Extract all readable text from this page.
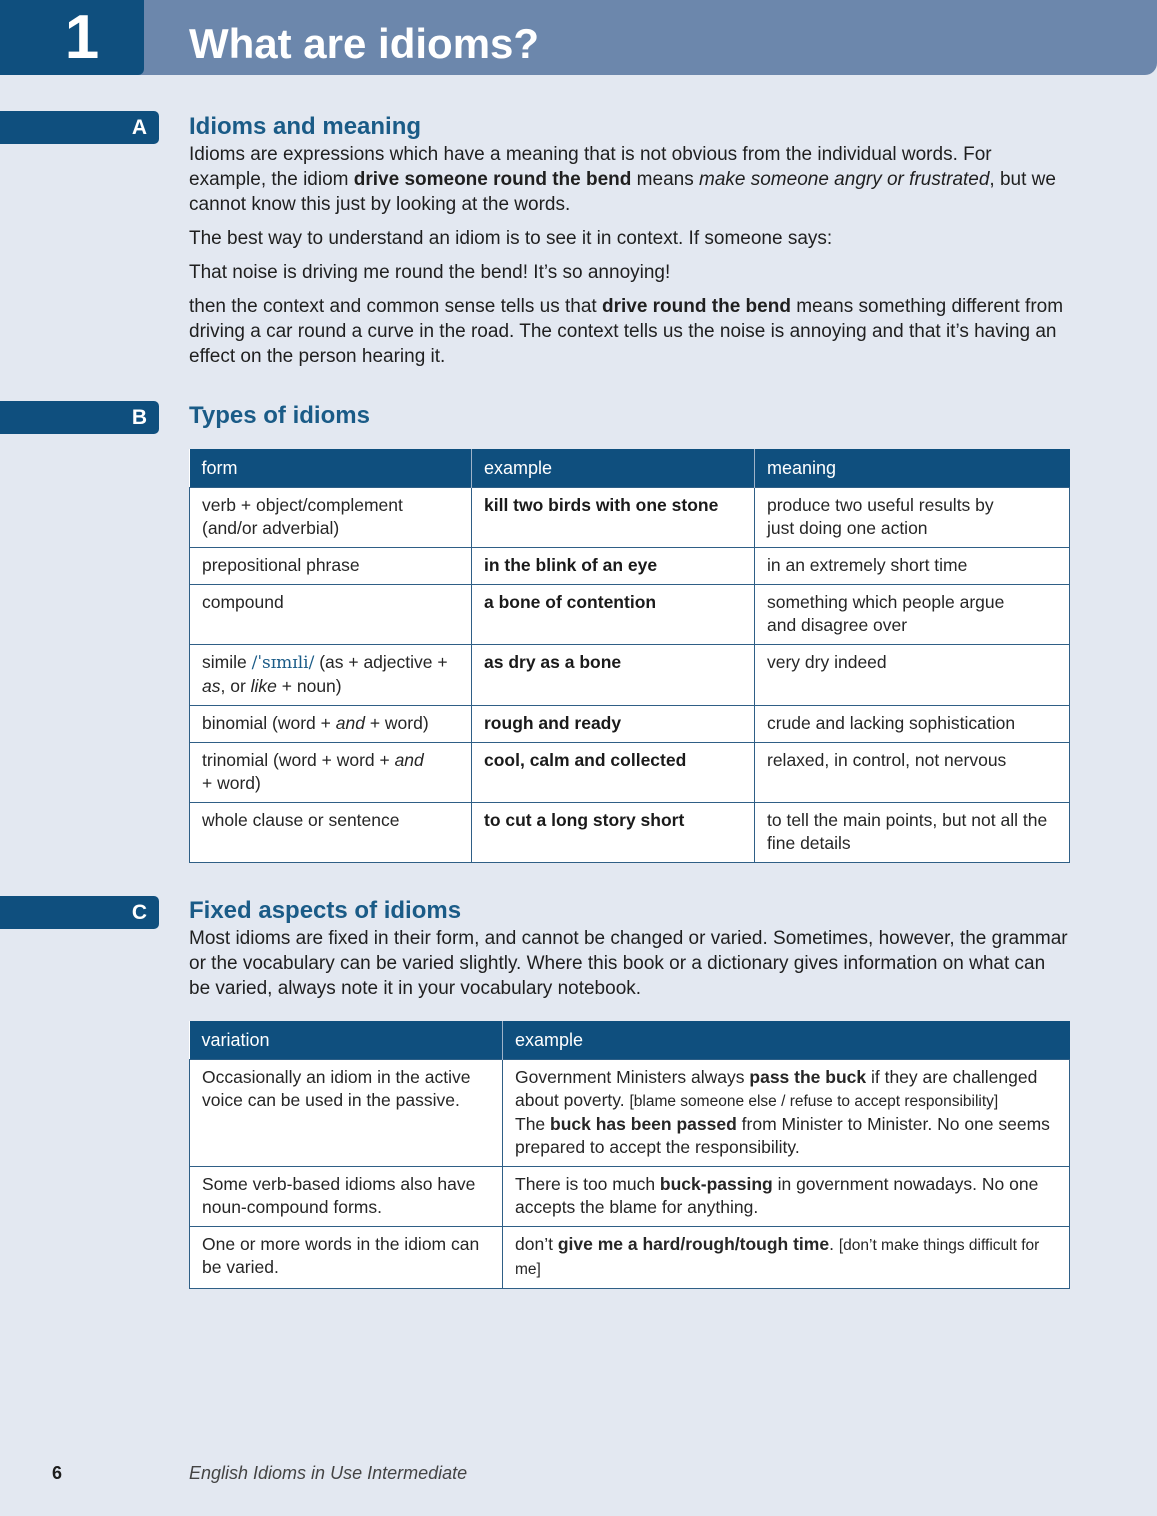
1	What are idioms?
A	Idioms and meaning

Idioms are expressions which have a meaning that is not obvious from the individual words. For example, the idiom drive someone round the bend means make someone angry or frustrated, but we cannot know this just by looking at the words.

The best way to understand an idiom is to see it in context. If someone says:

That noise is driving me round the bend! It’s so annoying!

then the context and common sense tells us that drive round the bend means something different from driving a car round a curve in the road. The context tells us the noise is annoying and that it’s having an effect on the person hearing it.

B	Types of idioms
form	example	meaning
verb + object/complement (and/or adverbial)	kill two birds with one stone	produce two useful results by
just doing one action
prepositional phrase	in the blink of an eye	in an extremely short time
compound	a bone of contention	something which people argue
and disagree over
simile /ˈsɪmɪli/ (as + adjective + as, or like + noun)	as dry as a bone	very dry indeed
binomial (word + and + word)	rough and ready	crude and lacking sophistication
trinomial (word + word + and
+ word)	cool, calm and collected	relaxed, in control, not nervous
whole clause or sentence	to cut a long story short	to tell the main points, but not all the fine details
C	Fixed aspects of idioms

Most idioms are fixed in their form, and cannot be changed or varied. Sometimes, however, the grammar or the vocabulary can be varied slightly. Where this book or a dictionary gives information on what can be varied, always note it in your vocabulary notebook.

variation	example
Occasionally an idiom in the active voice can be used in the passive.	Government Ministers always pass the buck if they are challenged about poverty. [blame someone else / refuse to accept responsibility]
The buck has been passed from Minister to Minister. No one seems prepared to accept the responsibility.
Some verb-based idioms also have noun-compound forms.	There is too much buck-passing in government nowadays. No one accepts the blame for anything.
One or more words in the idiom can be varied.	don’t give me a hard/rough/tough time. [don’t make things difficult for me]
6	English Idioms in Use Intermediate
